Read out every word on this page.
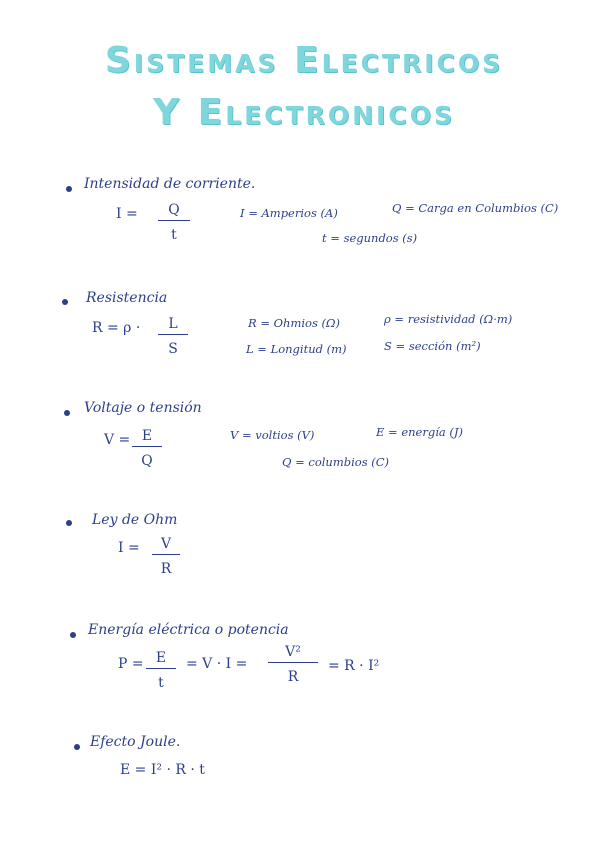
Sistemas Electricos
Y Electronicos
Intensidad de corriente.
$I = \frac{Q}{t}$	I = Amperios (A)	Q = Carga en Columbios (C)
t = segundos (s)
Resistencia
$R = \rho \cdot \frac{L}{S}$	R = Ohmios (Ω)	ρ = resistividad (Ω·m)
L = Longitud (m)	S = sección (m²)
Voltaje o tensión
$V = \frac{E}{Q}$	V = voltios (V)	E = energía (J)
Q = columbios (C)
Ley de Ohm
$I = \frac{V}{R}$
Energía eléctrica o potencia
$P = \frac{E}{t} = V \cdot I = \frac{\text{V²}}{R} = R \cdot I^2$
Efecto Joule.
E = I² · R · t
